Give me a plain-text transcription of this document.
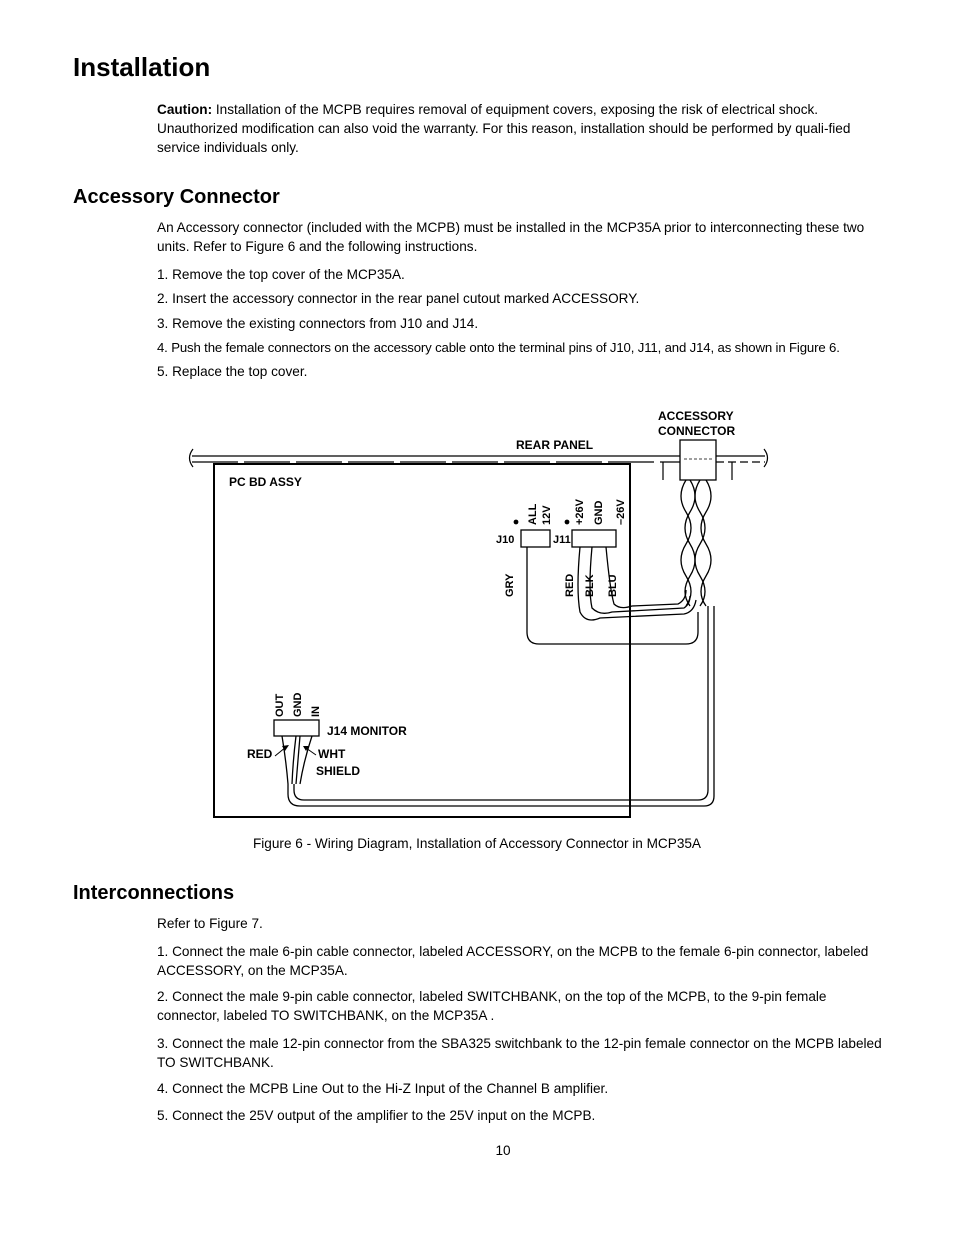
Installation

Caution: Installation of the MCPB requires removal of equipment covers, exposing the risk of electrical shock. Unauthorized modification can also void the warranty. For this reason, installation should be performed by quali-fied service individuals only.

Accessory Connector

An Accessory connector (included with the MCPB) must be installed in the MCP35A prior to interconnecting these two units. Refer to Figure 6 and the following instructions.

1. Remove the top cover of the MCP35A.

2. Insert the accessory connector in the rear panel cutout marked ACCESSORY.

3. Remove the existing connectors from J10 and J14.

4. Push the female connectors on the accessory cable onto the terminal pins of J10, J11, and J14, as shown in Figure 6.

5. Replace the top cover.

REAR PANEL
ACCESSORY
CONNECTOR
PC BD ASSY
J10	J11
ALL 12V +26V GND –26V
GRY	RED BLK BLU
OUT GND IN
J14 MONITOR
RED	WHT
SHIELD
Figure 6 - Wiring Diagram, Installation of Accessory Connector in MCP35A
Interconnections

Refer to Figure 7.

1. Connect the male 6-pin cable connector, labeled ACCESSORY, on the MCPB to the female 6-pin connector, labeled ACCESSORY, on the MCP35A.

2. Connect the male 9-pin cable connector, labeled SWITCHBANK, on the top of the MCPB, to the 9-pin female connector, labeled TO SWITCHBANK, on the MCP35A .

3. Connect the male 12-pin connector from the SBA325 switchbank to the 12-pin female connector on the MCPB labeled TO SWITCHBANK.

4. Connect the MCPB Line Out to the Hi-Z Input of the Channel B amplifier.

5. Connect the 25V output of the amplifier to the 25V input on the MCPB.

10
